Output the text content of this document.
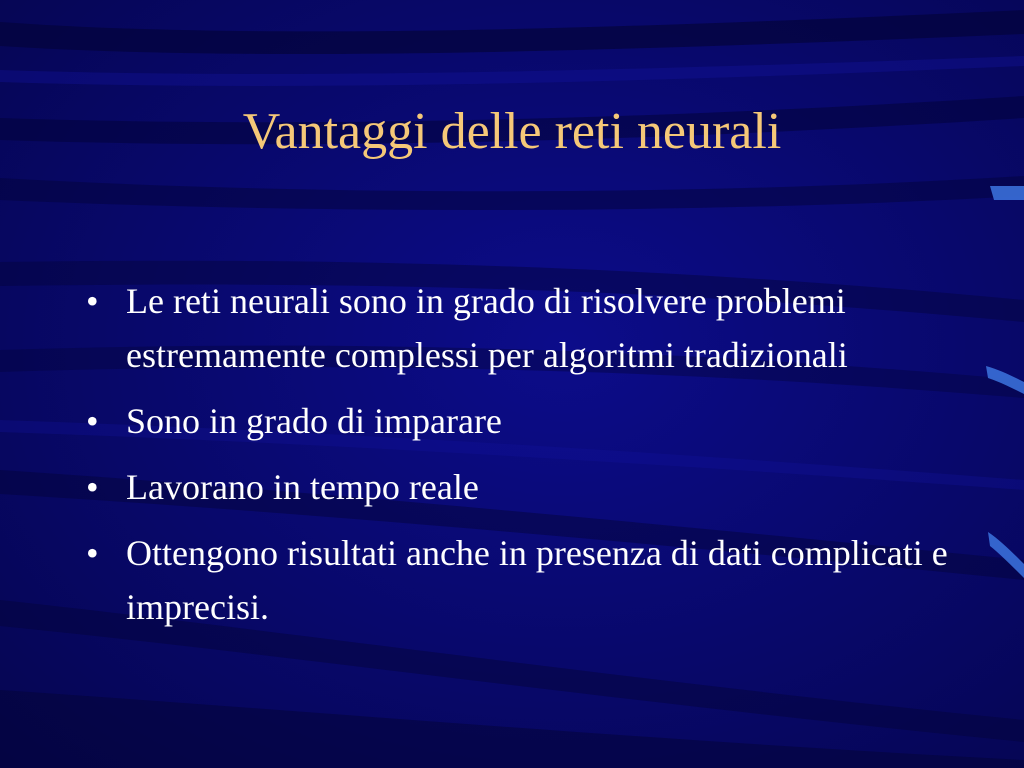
Vantaggi delle reti neurali
• Le reti neurali sono in grado di risolvere problemi estremamente complessi per algoritmi tradizionali
• Sono in grado di imparare
• Lavorano in tempo reale
• Ottengono risultati anche in presenza di dati complicati e imprecisi.
